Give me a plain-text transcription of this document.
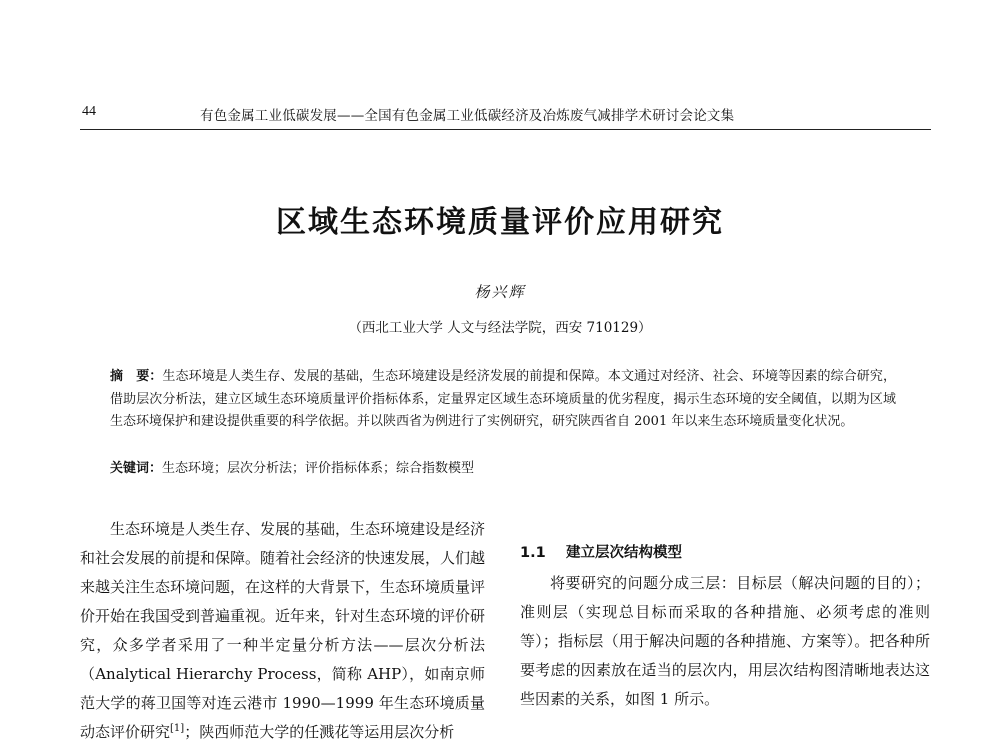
44	有色金属工业低碳发展——全国有色金属工业低碳经济及冶炼废气减排学术研讨会论文集
区域生态环境质量评价应用研究
杨兴辉
（西北工业大学 人文与经法学院，西安 710129）
摘　要：生态环境是人类生存、发展的基础，生态环境建设是经济发展的前提和保障。本文通过对经济、社会、环境等因素的综合研究，借助层次分析法，建立区域生态环境质量评价指标体系，定量界定区域生态环境质量的优劣程度，揭示生态环境的安全阈值，以期为区域生态环境保护和建设提供重要的科学依据。并以陕西省为例进行了实例研究，研究陕西省自 2001 年以来生态环境质量变化状况。
关键词：生态环境；层次分析法；评价指标体系；综合指数模型
生态环境是人类生存、发展的基础，生态环境建设是经济和社会发展的前提和保障。随着社会经济的快速发展，人们越来越关注生态环境问题，在这样的大背景下，生态环境质量评价开始在我国受到普遍重视。近年来，针对生态环境的评价研究，众多学者采用了一种半定量分析方法——层次分析法（Analytical Hierarchy Process，简称 AHP），如南京师范大学的蒋卫国等对连云港市 1990—1999 年生态环境质量动态评价研究[1]；陕西师范大学的任溅花等运用层次分析
1.1 建立层次结构模型

将要研究的问题分成三层：目标层（解决问题的目的）；准则层（实现总目标而采取的各种措施、必须考虑的准则等）；指标层（用于解决问题的各种措施、方案等）。把各种所要考虑的因素放在适当的层次内，用层次结构图清晰地表达这些因素的关系，如图 1 所示。
